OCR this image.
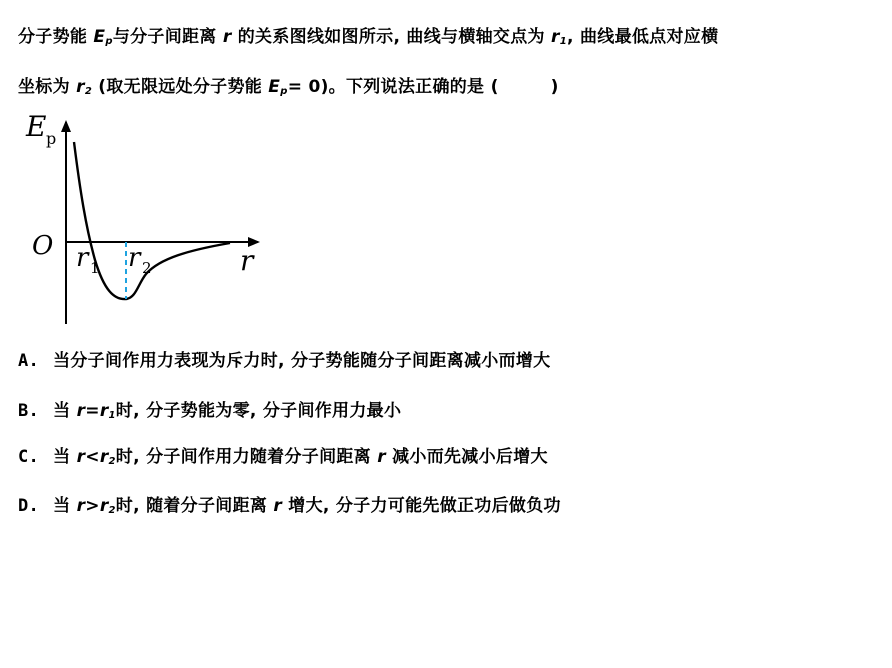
分子势能 $E_p$与分子间距离 r 的关系图线如图所示, 曲线与横轴交点为 $r_1$, 曲线最低点对应横
坐标为 $r_2$ (取无限远处分子势能 $E_p= 0$)。下列说法正确的是 (	)
E p
O	r
r 1 r 2
A. 当分子间作用力表现为斥力时, 分子势能随分子间距离减小而增大
B. 当 $r=r_1$时, 分子势能为零, 分子间作用力最小
C. 当 $r<r_2$时, 分子间作用力随着分子间距离 r 减小而先减小后增大
D. 当 $r>r_2$时, 随着分子间距离 r 增大, 分子力可能先做正功后做负功
